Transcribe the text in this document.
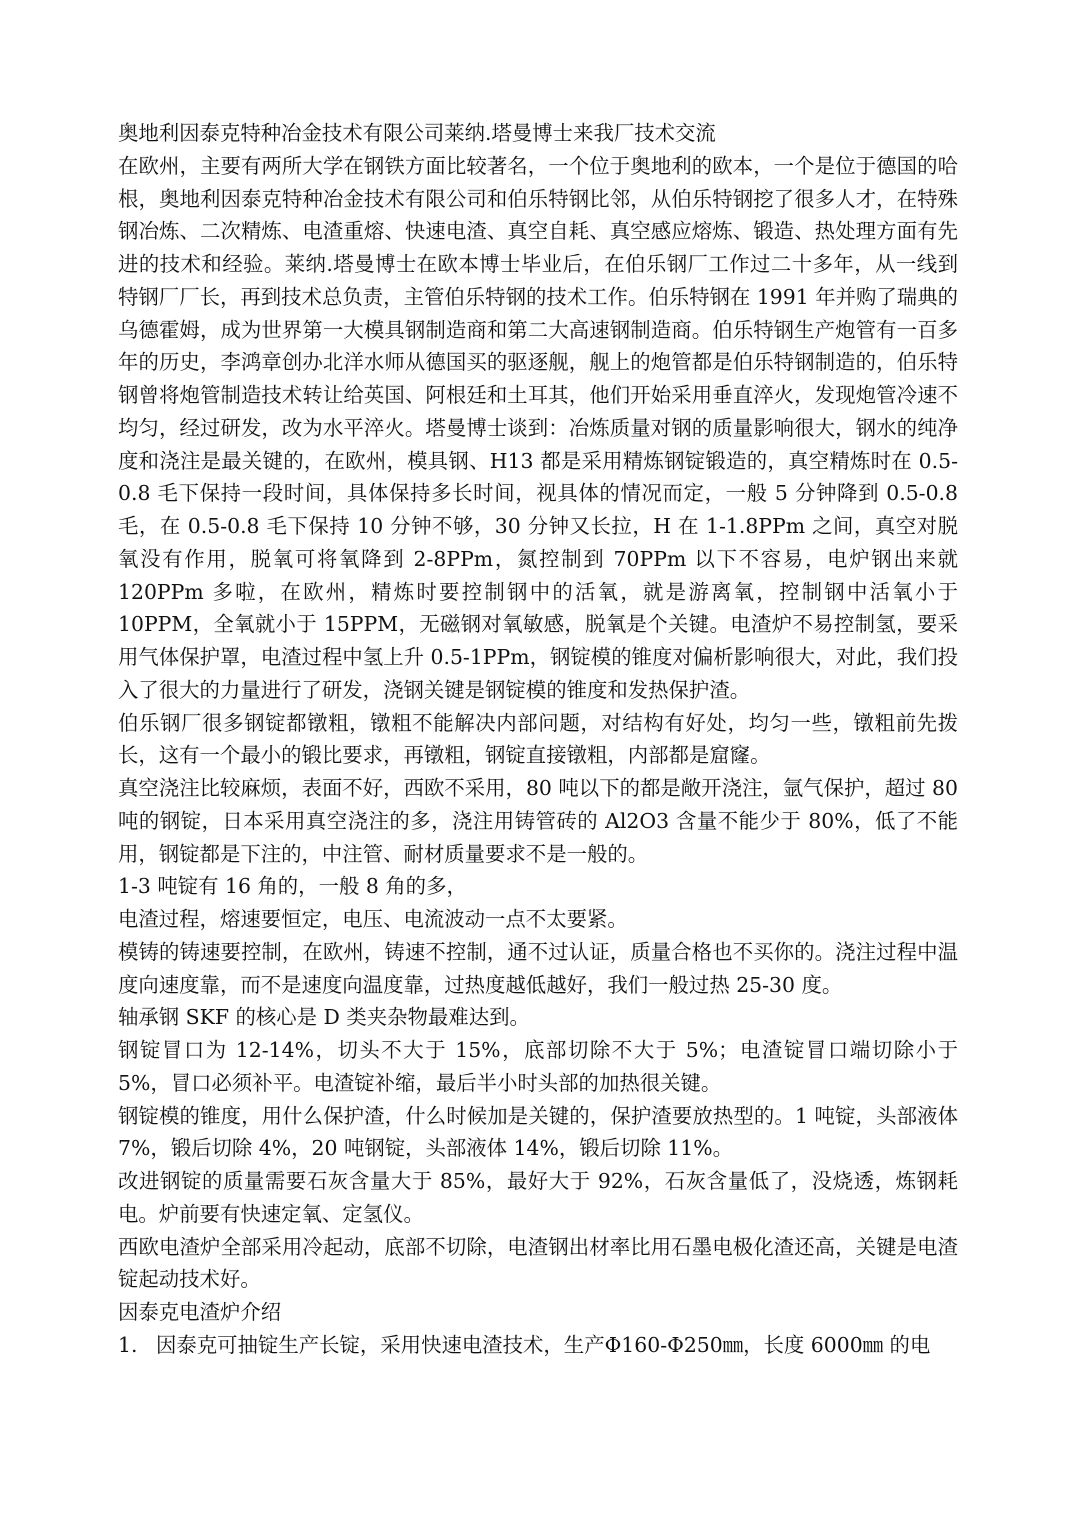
奥地利因泰克特种冶金技术有限公司莱纳.塔曼博士来我厂技术交流

在欧州，主要有两所大学在钢铁方面比较著名，一个位于奥地利的欧本，一个是位于德国的哈根，奥地利因泰克特种冶金技术有限公司和伯乐特钢比邻，从伯乐特钢挖了很多人才，在特殊钢冶炼、二次精炼、电渣重熔、快速电渣、真空自耗、真空感应熔炼、锻造、热处理方面有先进的技术和经验。莱纳.塔曼博士在欧本博士毕业后，在伯乐钢厂工作过二十多年，从一线到特钢厂厂长，再到技术总负责，主管伯乐特钢的技术工作。伯乐特钢在 1991 年并购了瑞典的乌德霍姆，成为世界第一大模具钢制造商和第二大高速钢制造商。伯乐特钢生产炮管有一百多年的历史，李鸿章创办北洋水师从德国买的驱逐舰，舰上的炮管都是伯乐特钢制造的，伯乐特钢曾将炮管制造技术转让给英国、阿根廷和土耳其，他们开始采用垂直淬火，发现炮管冷速不均匀，经过研发，改为水平淬火。塔曼博士谈到：冶炼质量对钢的质量影响很大，钢水的纯净度和浇注是最关键的，在欧州，模具钢、H13 都是采用精炼钢锭锻造的，真空精炼时在 0.5-0.8 毛下保持一段时间，具体保持多长时间，视具体的情况而定，一般 5 分钟降到 0.5-0.8 毛，在 0.5-0.8 毛下保持 10 分钟不够，30 分钟又长拉，H 在 1-1.8PPm 之间，真空对脱氧没有作用，脱氧可将氧降到 2-8PPm，氮控制到 70PPm 以下不容易，电炉钢出来就 120PPm 多啦，在欧州，精炼时要控制钢中的活氧，就是游离氧，控制钢中活氧小于 10PPM，全氧就小于 15PPM，无磁钢对氧敏感，脱氧是个关键。电渣炉不易控制氢，要采用气体保护罩，电渣过程中氢上升 0.5-1PPm，钢锭模的锥度对偏析影响很大，对此，我们投入了很大的力量进行了研发，浇钢关键是钢锭模的锥度和发热保护渣。

伯乐钢厂很多钢锭都镦粗，镦粗不能解决内部问题，对结构有好处，均匀一些，镦粗前先拨长，这有一个最小的锻比要求，再镦粗，钢锭直接镦粗，内部都是窟窿。

真空浇注比较麻烦，表面不好，西欧不采用，80 吨以下的都是敞开浇注，氩气保护，超过 80 吨的钢锭，日本采用真空浇注的多，浇注用铸管砖的 Al2O3 含量不能少于 80%，低了不能用，钢锭都是下注的，中注管、耐材质量要求不是一般的。

1-3 吨锭有 16 角的，一般 8 角的多，

电渣过程，熔速要恒定，电压、电流波动一点不太要紧。

模铸的铸速要控制，在欧州，铸速不控制，通不过认证，质量合格也不买你的。浇注过程中温度向速度靠，而不是速度向温度靠，过热度越低越好，我们一般过热 25-30 度。

轴承钢 SKF 的核心是 D 类夹杂物最难达到。

钢锭冒口为 12-14%，切头不大于 15%，底部切除不大于 5%；电渣锭冒口端切除小于 5%，冒口必须补平。电渣锭补缩，最后半小时头部的加热很关键。

钢锭模的锥度，用什么保护渣，什么时候加是关键的，保护渣要放热型的。1 吨锭，头部液体 7%，锻后切除 4%，20 吨钢锭，头部液体 14%，锻后切除 11%。

改进钢锭的质量需要石灰含量大于 85%，最好大于 92%，石灰含量低了，没烧透，炼钢耗电。炉前要有快速定氧、定氢仪。

西欧电渣炉全部采用冷起动，底部不切除，电渣钢出材率比用石墨电极化渣还高，关键是电渣锭起动技术好。

因泰克电渣炉介绍

1. 因泰克可抽锭生产长锭，采用快速电渣技术，生产Φ160-Φ250㎜，长度 6000㎜ 的电
